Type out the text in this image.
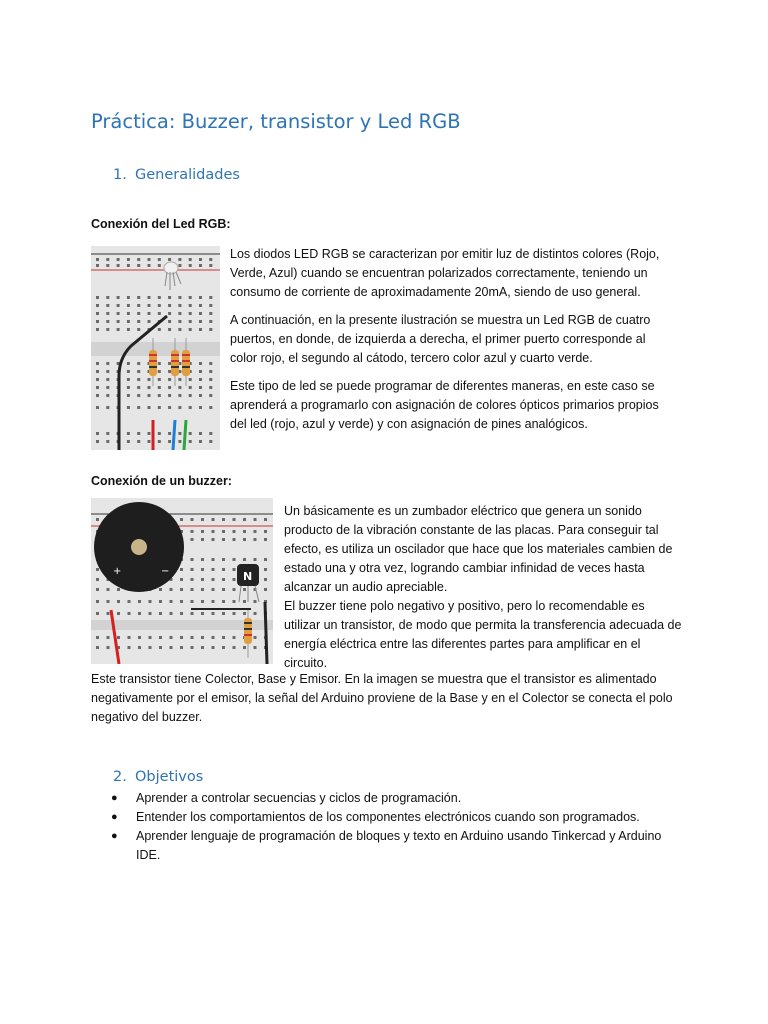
Práctica: Buzzer, transistor y Led RGB
1. Generalidades
Conexión del Led RGB:

Los diodos LED RGB se caracterizan por emitir luz de distintos colores (Rojo, Verde, Azul) cuando se encuentran polarizados correctamente, teniendo un consumo de corriente de aproximadamente 20mA, siendo de uso general.

A continuación, en la presente ilustración se muestra un Led RGB de cuatro puertos, en donde, de izquierda a derecha, el primer puerto corresponde al color rojo, el segundo al cátodo, tercero color azul y cuarto verde.

Este tipo de led se puede programar de diferentes maneras, en este caso se aprenderá a programarlo con asignación de colores ópticos primarios propios del led (rojo, azul y verde) y con asignación de pines analógicos.

Conexión de un buzzer:
+	−	N

Un básicamente es un zumbador eléctrico que genera un sonido producto de la vibración constante de las placas. Para conseguir tal efecto, es utiliza un oscilador que hace que los materiales cambien de estado una y otra vez, logrando cambiar infinidad de veces hasta alcanzar un audio apreciable.

El buzzer tiene polo negativo y positivo, pero lo recomendable es utilizar un transistor, de modo que permita la transferencia adecuada de energía eléctrica entre las diferentes partes para amplificar en el circuito.

Este transistor tiene Colector, Base y Emisor. En la imagen se muestra que el transistor es alimentado negativamente por el emisor, la señal del Arduino proviene de la Base y en el Colector se conecta el polo negativo del buzzer.

2. Objetivos
● Aprender a controlar secuencias y ciclos de programación.
● Entender los comportamientos de los componentes electrónicos cuando son programados.
● Aprender lenguaje de programación de bloques y texto en Arduino usando Tinkercad y Arduino IDE.
